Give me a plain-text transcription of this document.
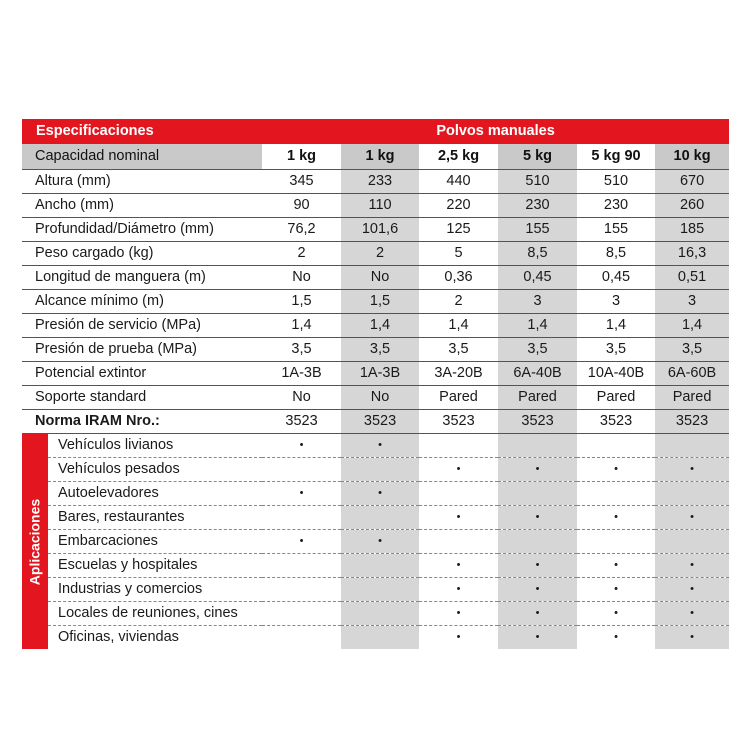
Especificaciones		Polvos manuales					
Capacidad nominal		1 kg	1 kg	2,5 kg	5 kg	5 kg 90	10 kg
Altura (mm)		345	233	440	510	510	670
Ancho (mm)		90	110	220	230	230	260
Profundidad/Diámetro (mm)		76,2	101,6	125	155	155	185
Peso cargado (kg)		2	2	5	8,5	8,5	16,3
Longitud de manguera (m)		No	No	0,36	0,45	0,45	0,51
Alcance mínimo (m)		1,5	1,5	2	3	3	3
Presión de servicio (MPa)		1,4	1,4	1,4	1,4	1,4	1,4
Presión de prueba (MPa)		3,5	3,5	3,5	3,5	3,5	3,5
Potencial extintor		1A-3B	1A-3B	3A-20B	6A-40B	10A-40B	6A-60B
Soporte standard		No	No	Pared	Pared	Pared	Pared
Norma IRAM Nro.:		3523	3523	3523	3523	3523	3523

Aplicaciones	Vehículos livianos	•	•				
	Vehículos pesados			•	•	•	•
	Autoelevadores	•	•				
	Bares, restaurantes			•	•	•	•
	Embarcaciones	•	•				
	Escuelas y hospitales			•	•	•	•
	Industrias y comercios			•	•	•	•
	Locales de reuniones, cines			•	•	•	•
	Oficinas, viviendas			•	•	•	•
